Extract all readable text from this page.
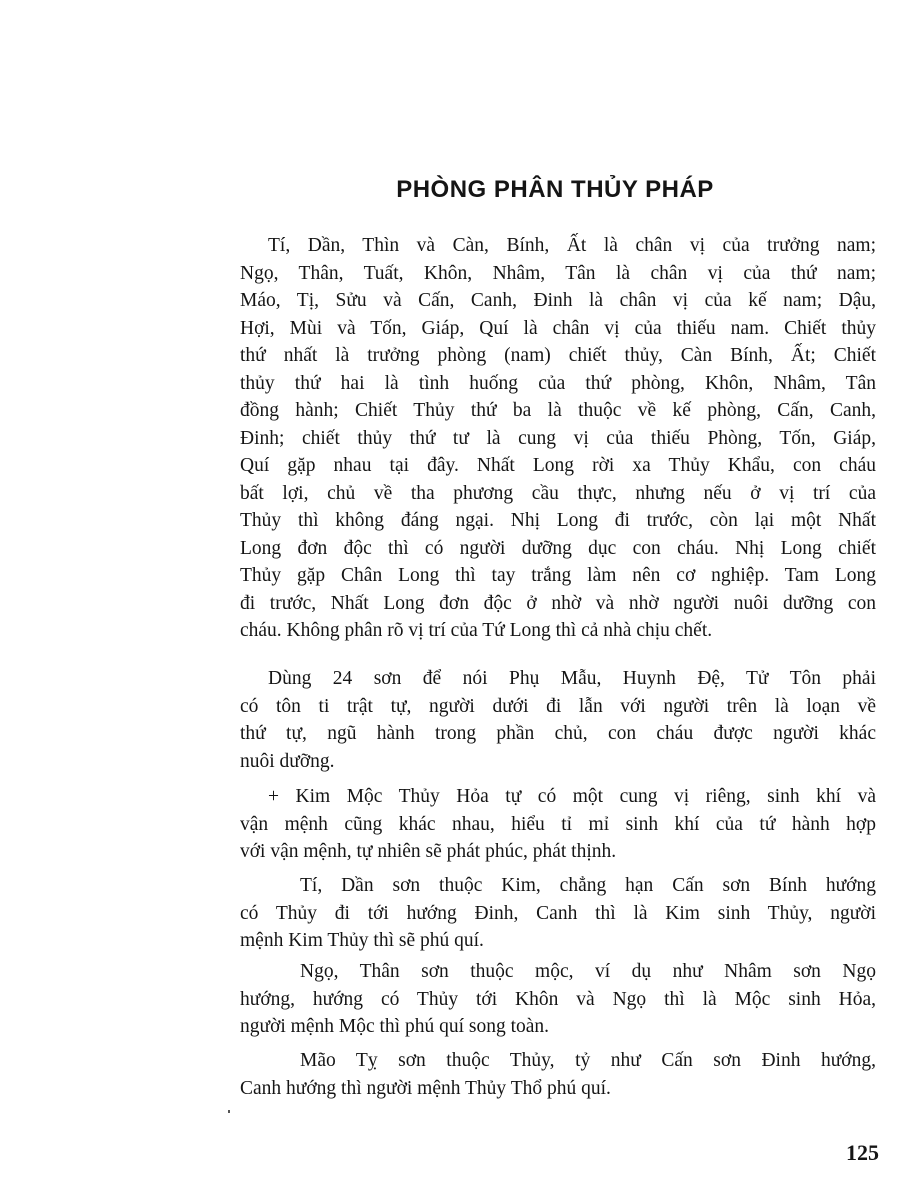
PHÒNG PHÂN THỦY PHÁP
Tí, Dần, Thìn và Càn, Bính, Ất là chân vị của trưởng nam;
Ngọ, Thân, Tuất, Khôn, Nhâm, Tân là chân vị của thứ nam;
Máo, Tị, Sửu và Cấn, Canh, Đinh là chân vị của kế nam; Dậu,
Hợi, Mùi và Tốn, Giáp, Quí là chân vị của thiếu nam. Chiết thủy
thứ nhất là trưởng phòng (nam) chiết thủy, Càn Bính, Ất; Chiết
thủy thứ hai là tình huống của thứ phòng, Khôn, Nhâm, Tân
đồng hành; Chiết Thủy thứ ba là thuộc về kế phòng, Cấn, Canh,
Đinh; chiết thủy thứ tư là cung vị của thiếu Phòng, Tốn, Giáp,
Quí gặp nhau tại đây. Nhất Long rời xa Thủy Khẩu, con cháu
bất lợi, chủ về tha phương cầu thực, nhưng nếu ở vị trí của
Thủy thì không đáng ngại. Nhị Long đi trước, còn lại một Nhất
Long đơn độc thì có người dưỡng dục con cháu. Nhị Long chiết
Thủy gặp Chân Long thì tay trắng làm nên cơ nghiệp. Tam Long
đi trước, Nhất Long đơn độc ở nhờ và nhờ người nuôi dưỡng con
cháu. Không phân rõ vị trí của Tứ Long thì cả nhà chịu chết.
Dùng 24 sơn để nói Phụ Mẫu, Huynh Đệ, Tử Tôn phải
có tôn ti trật tự, người dưới đi lẫn với người trên là loạn về
thứ tự, ngũ hành trong phần chủ, con cháu được người khác
nuôi dưỡng.
+ Kim Mộc Thủy Hỏa tự có một cung vị riêng, sinh khí và
vận mệnh cũng khác nhau, hiểu tỉ mỉ sinh khí của tứ hành hợp
với vận mệnh, tự nhiên sẽ phát phúc, phát thịnh.
Tí, Dần sơn thuộc Kim, chẳng hạn Cấn sơn Bính hướng
có Thủy đi tới hướng Đinh, Canh thì là Kim sinh Thủy, người
mệnh Kim Thủy thì sẽ phú quí.
Ngọ, Thân sơn thuộc mộc, ví dụ như Nhâm sơn Ngọ
hướng, hướng có Thủy tới Khôn và Ngọ thì là Mộc sinh Hỏa,
người mệnh Mộc thì phú quí song toàn.
Mão Tỵ sơn thuộc Thủy, tỷ như Cấn sơn Đinh hướng,
Canh hướng thì người mệnh Thủy Thổ phú quí.
125
